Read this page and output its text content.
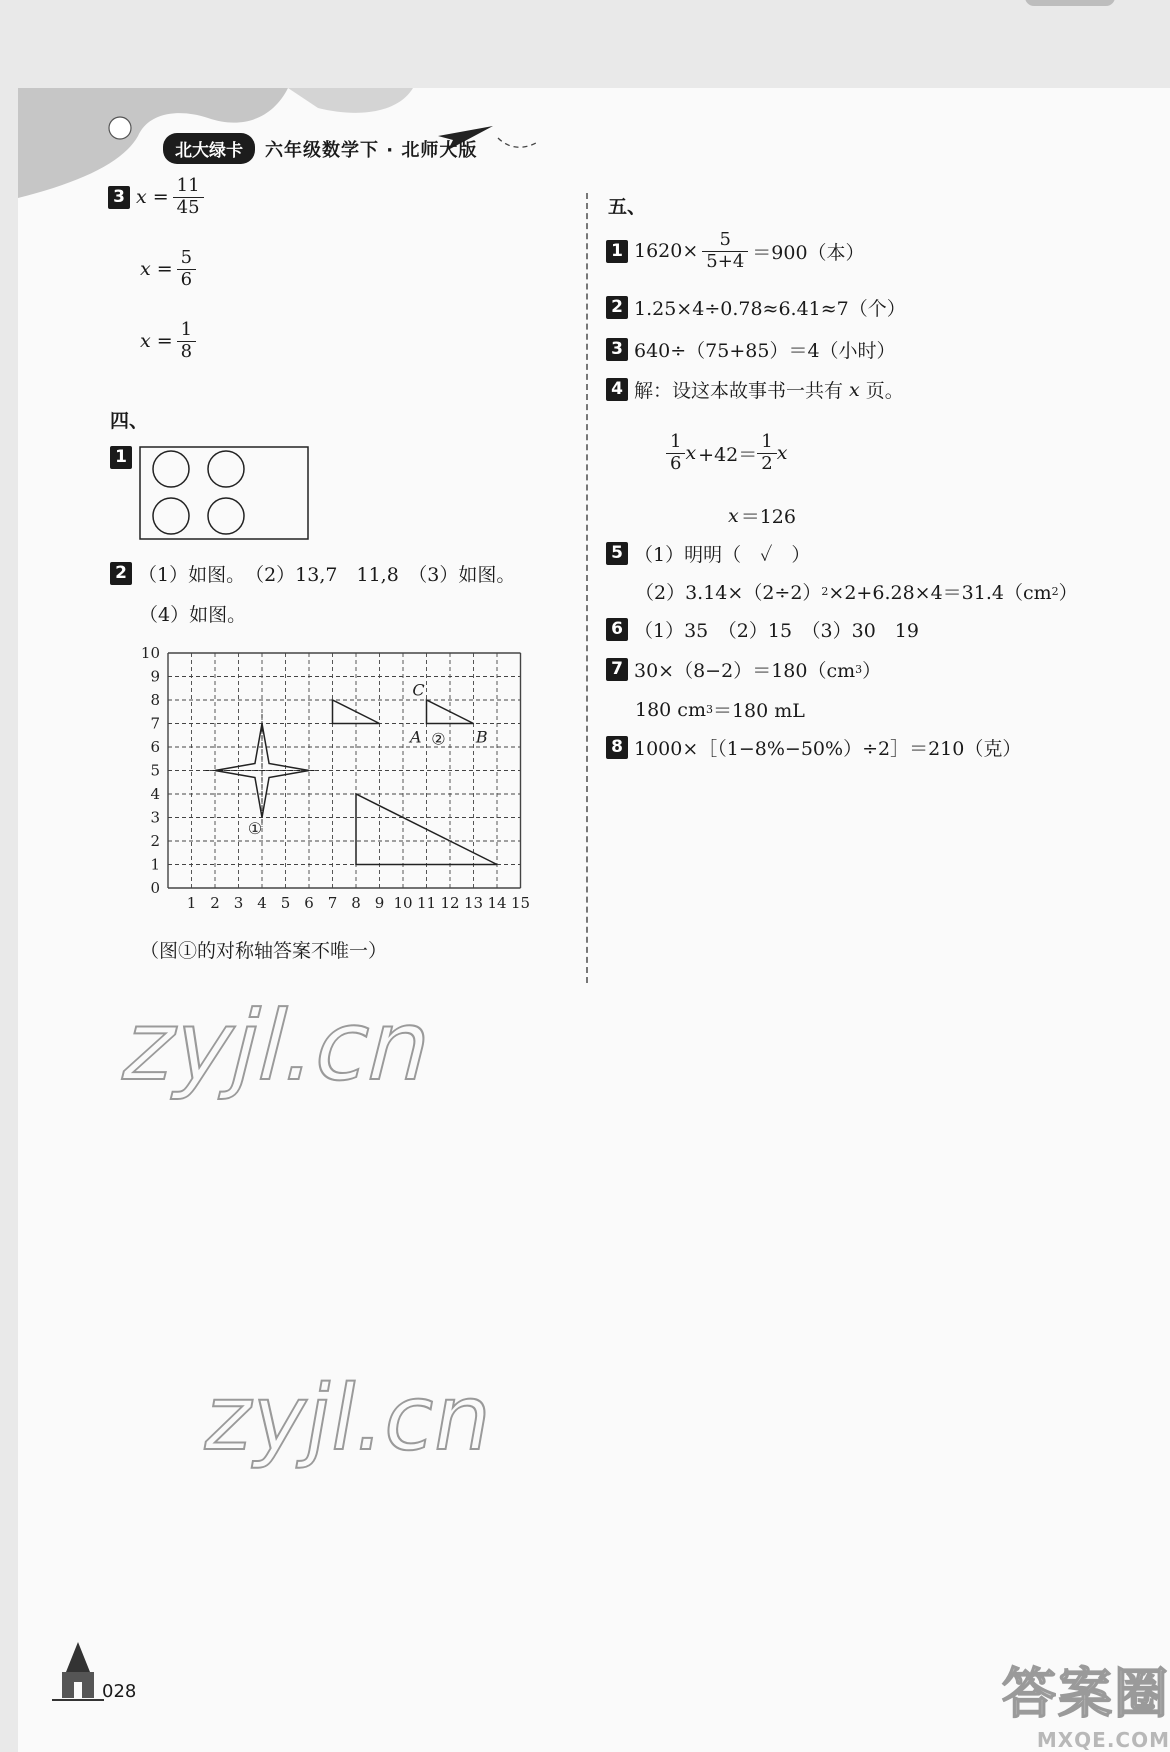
北大绿卡	六年级数学下 · 北师大版
3 $x = \frac{11}{45}$
$x = \frac{5}{6}$
$x = \frac{1}{8}$
四、
1
2 （1）如图。　（2）13,7　11,8　（3）如图。
（4）如图。
1 2 3 4 5 6 7 8 9 10 11 12 13 14 15
0
1
2
3
4
5
6
7
8
9
10
C
A	B
②
①
（图①的对称轴答案不唯一）
五、
1 $1620\times \frac{5}{5+4} =900$（本）
2 1.25×4÷0.78≈6.41≈7（个）
3 640÷（75+85）＝4（小时）
4 解：设这本故事书一共有 x 页。
$\frac{1}{6}$ $x +42= \frac{1}{2}$ x
x ＝126
5 （1）明明（　✓　）
（2）3.14×（2÷2） 2 ×2+6.28×4＝31.4（cm 2 ）
6 （1）35　（2）15　（3）30　19
7 30×（8−2）＝180（cm 3 ）
180 cm 3 ＝180 mL
8 1000×［（1−8%−50%）÷2］＝210（克）
zyjl.cn
zyjl.cn
028	答案圈
MXQE.COM
